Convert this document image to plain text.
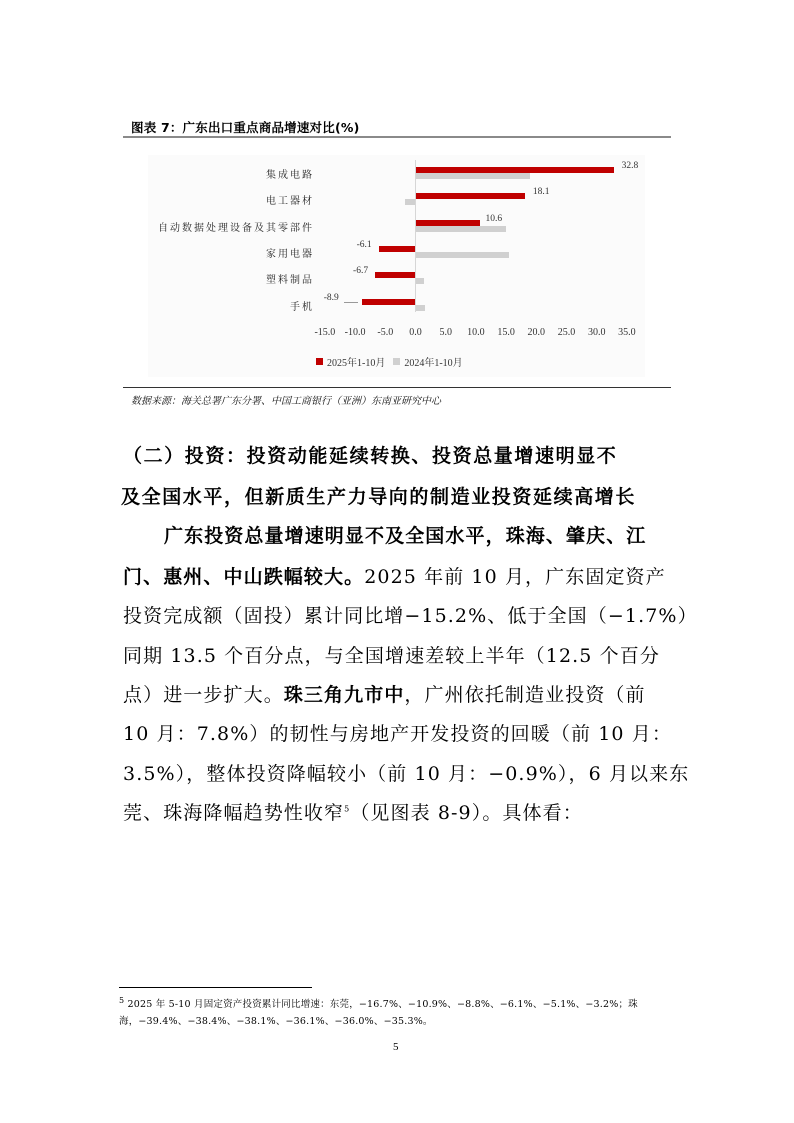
图表 7：广东出口重点商品增速对比(%)
集成电路
32.8
电工器材
18.1
自动数据处理设备及其零部件
10.6
家用电器
-6.1
塑料制品
-6.7
手机
-8.9
-15.0 -10.0 -5.0 0.0 5.0 10.0 15.0 20.0 25.0 30.0 35.0
2025年1-10月 2024年1-10月
数据来源：海关总署广东分署、中国工商银行（亚洲）东南亚研究中心
（二）投资：投资动能延续转换、投资总量增速明显不
及全国水平，但新质生产力导向的制造业投资延续高增长
广东投资总量增速明显不及全国水平，珠海、肇庆、江
门、惠州、中山跌幅较大。2025 年前 10 月，广东固定资产
投资完成额（固投）累计同比增−15.2%、低于全国（−1.7%）
同期 13.5 个百分点，与全国增速差较上半年（12.5 个百分
点）进一步扩大。珠三角九市中，广州依托制造业投资（前
10 月：7.8%）的韧性与房地产开发投资的回暖（前 10 月：
3.5%），整体投资降幅较小（前 10 月：−0.9%），6 月以来东
莞、珠海降幅趋势性收窄$^5$（见图表 8-9）。具体看：
$^5$ 2025 年 5-10 月固定资产投资累计同比增速：东莞，−16.7%、−10.9%、−8.8%、−6.1%、−5.1%、−3.2%；珠
海，−39.4%、−38.4%、−38.1%、−36.1%、−36.0%、−35.3%。
5
